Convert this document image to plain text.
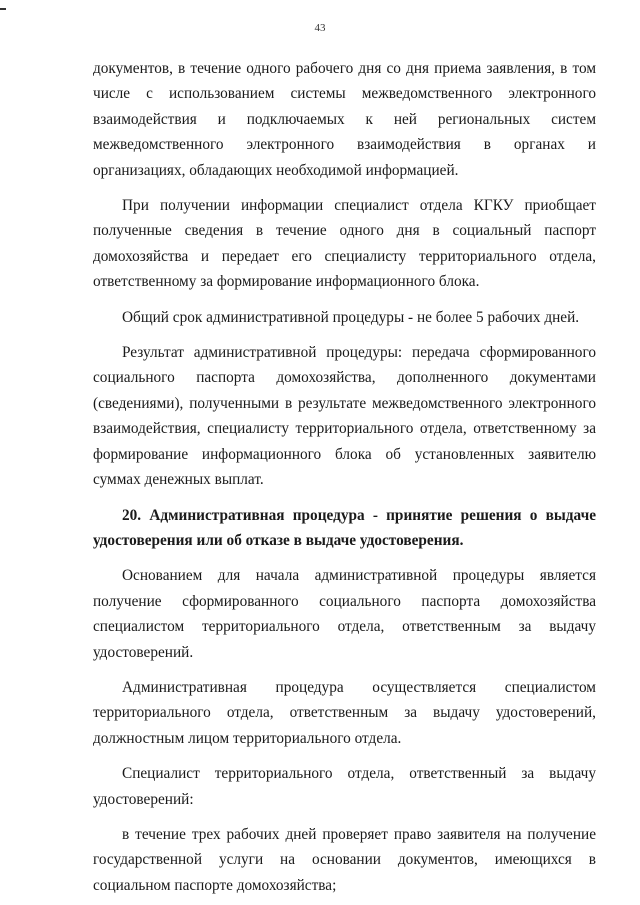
43

документов, в течение одного рабочего дня со дня приема заявления, в том числе с использованием системы межведомственного электронного взаимодействия и подключаемых к ней региональных систем межведомственного электронного взаимодействия в органах и организациях, обладающих необходимой информацией.

При получении информации специалист отдела КГКУ приобщает полученные сведения в течение одного дня в социальный паспорт домохозяйства и передает его специалисту территориального отдела, ответственному за формирование информационного блока.

Общий срок административной процедуры - не более 5 рабочих дней.

Результат административной процедуры: передача сформированного социального паспорта домохозяйства, дополненного документами (сведениями), полученными в результате межведомственного электронного взаимодействия, специалисту территориального отдела, ответственному за формирование информационного блока об установленных заявителю суммах денежных выплат.

20. Административная процедура - принятие решения о выдаче удостоверения или об отказе в выдаче удостоверения.

Основанием для начала административной процедуры является получение сформированного социального паспорта домохозяйства специалистом территориального отдела, ответственным за выдачу удостоверений.

Административная процедура осуществляется специалистом территориального отдела, ответственным за выдачу удостоверений, должностным лицом территориального отдела.

Специалист территориального отдела, ответственный за выдачу удостоверений:

в течение трех рабочих дней проверяет право заявителя на получение государственной услуги на основании документов, имеющихся в социальном паспорте домохозяйства;
